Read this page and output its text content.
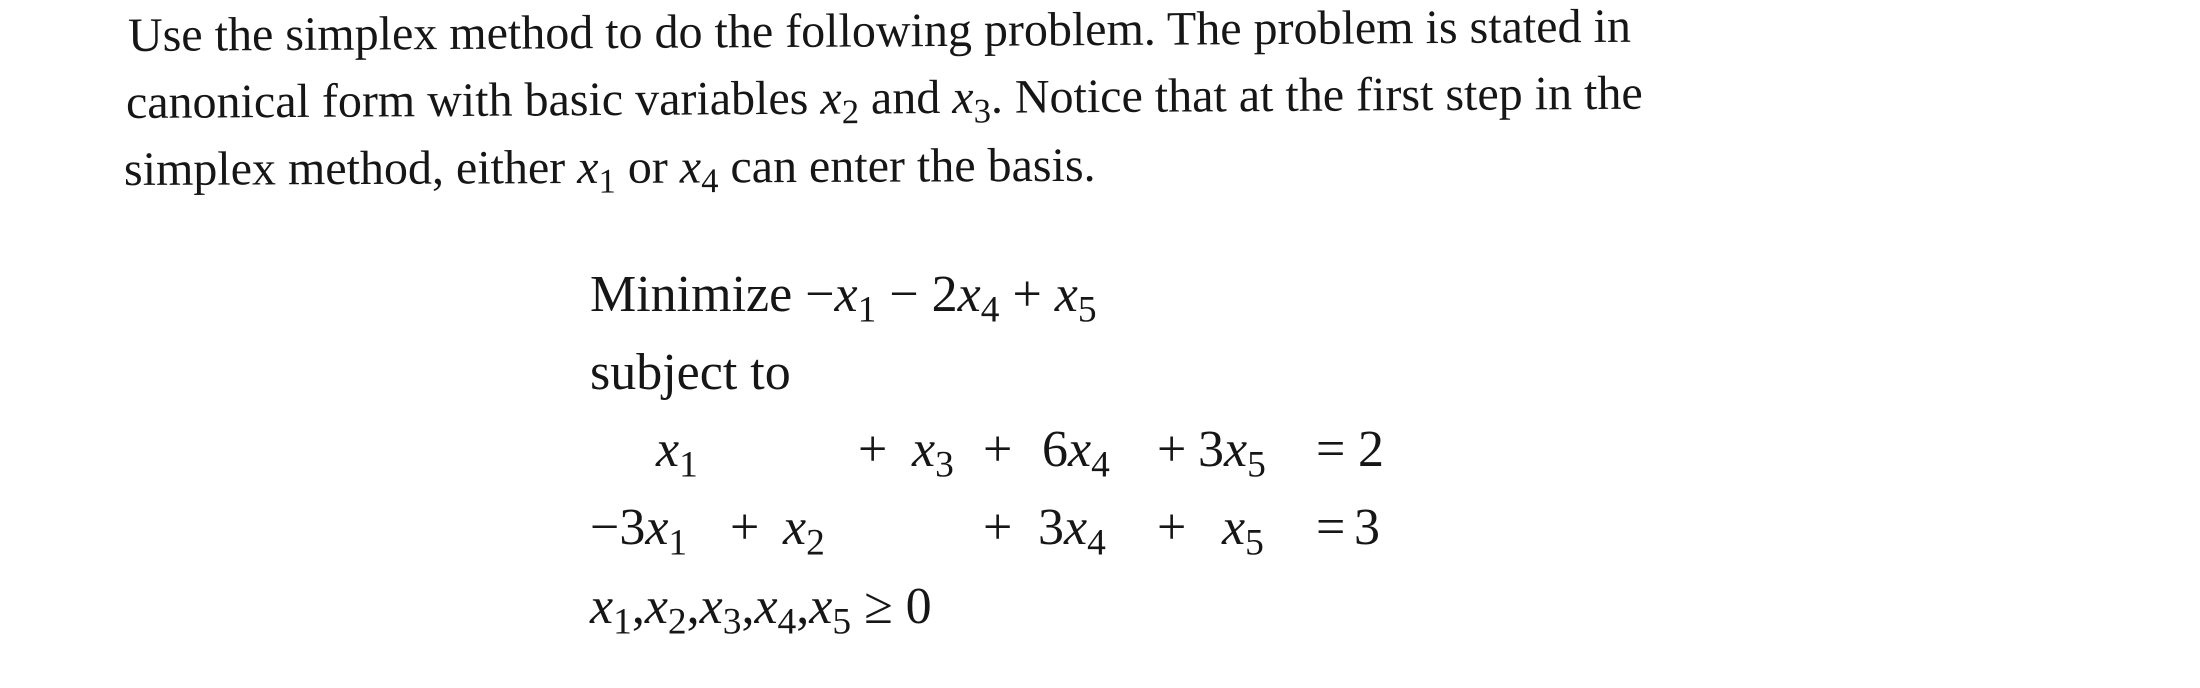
Use the simplex method to do the following problem. The problem is stated in
canonical form with basic variables $x_2$ and $x_3$. Notice that at the first step in the
simplex method, either $x_1$ or $x_4$ can enter the basis.
Minimize $-x_1 - 2x_4 + x_5$
subject to
$x_1$	+ $x_3 + 6x_4 + 3x_5 = 2$
$-3x_1 + x_2$	+ $3x_4 + x_5 = 3$
$x_1,x_2,x_3,x_4,x_5 \ge 0$
